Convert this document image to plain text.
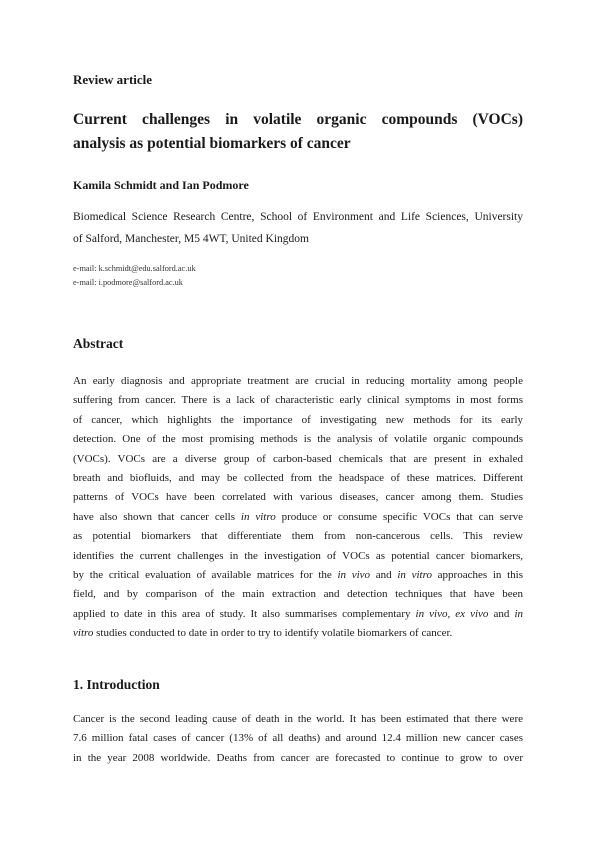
Review article
Current challenges in volatile organic compounds (VOCs)
analysis as potential biomarkers of cancer
Kamila Schmidt and Ian Podmore
Biomedical Science Research Centre, School of Environment and Life Sciences, University
of Salford, Manchester, M5 4WT, United Kingdom
e-mail: k.schmidt@edu.salford.ac.uk
e-mail: i.podmore@salford.ac.uk
Abstract
An early diagnosis and appropriate treatment are crucial in reducing mortality among people
suffering from cancer. There is a lack of characteristic early clinical symptoms in most forms
of cancer, which highlights the importance of investigating new methods for its early
detection. One of the most promising methods is the analysis of volatile organic compounds
(VOCs). VOCs are a diverse group of carbon-based chemicals that are present in exhaled
breath and biofluids, and may be collected from the headspace of these matrices. Different
patterns of VOCs have been correlated with various diseases, cancer among them. Studies
have also shown that cancer cells in vitro produce or consume specific VOCs that can serve
as potential biomarkers that differentiate them from non-cancerous cells. This review
identifies the current challenges in the investigation of VOCs as potential cancer biomarkers,
by the critical evaluation of available matrices for the in vivo and in vitro approaches in this
field, and by comparison of the main extraction and detection techniques that have been
applied to date in this area of study. It also summarises complementary in vivo, ex vivo and in
vitro studies conducted to date in order to try to identify volatile biomarkers of cancer.
1. Introduction
Cancer is the second leading cause of death in the world. It has been estimated that there were
7.6 million fatal cases of cancer (13% of all deaths) and around 12.4 million new cancer cases
in the year 2008 worldwide. Deaths from cancer are forecasted to continue to grow to over
